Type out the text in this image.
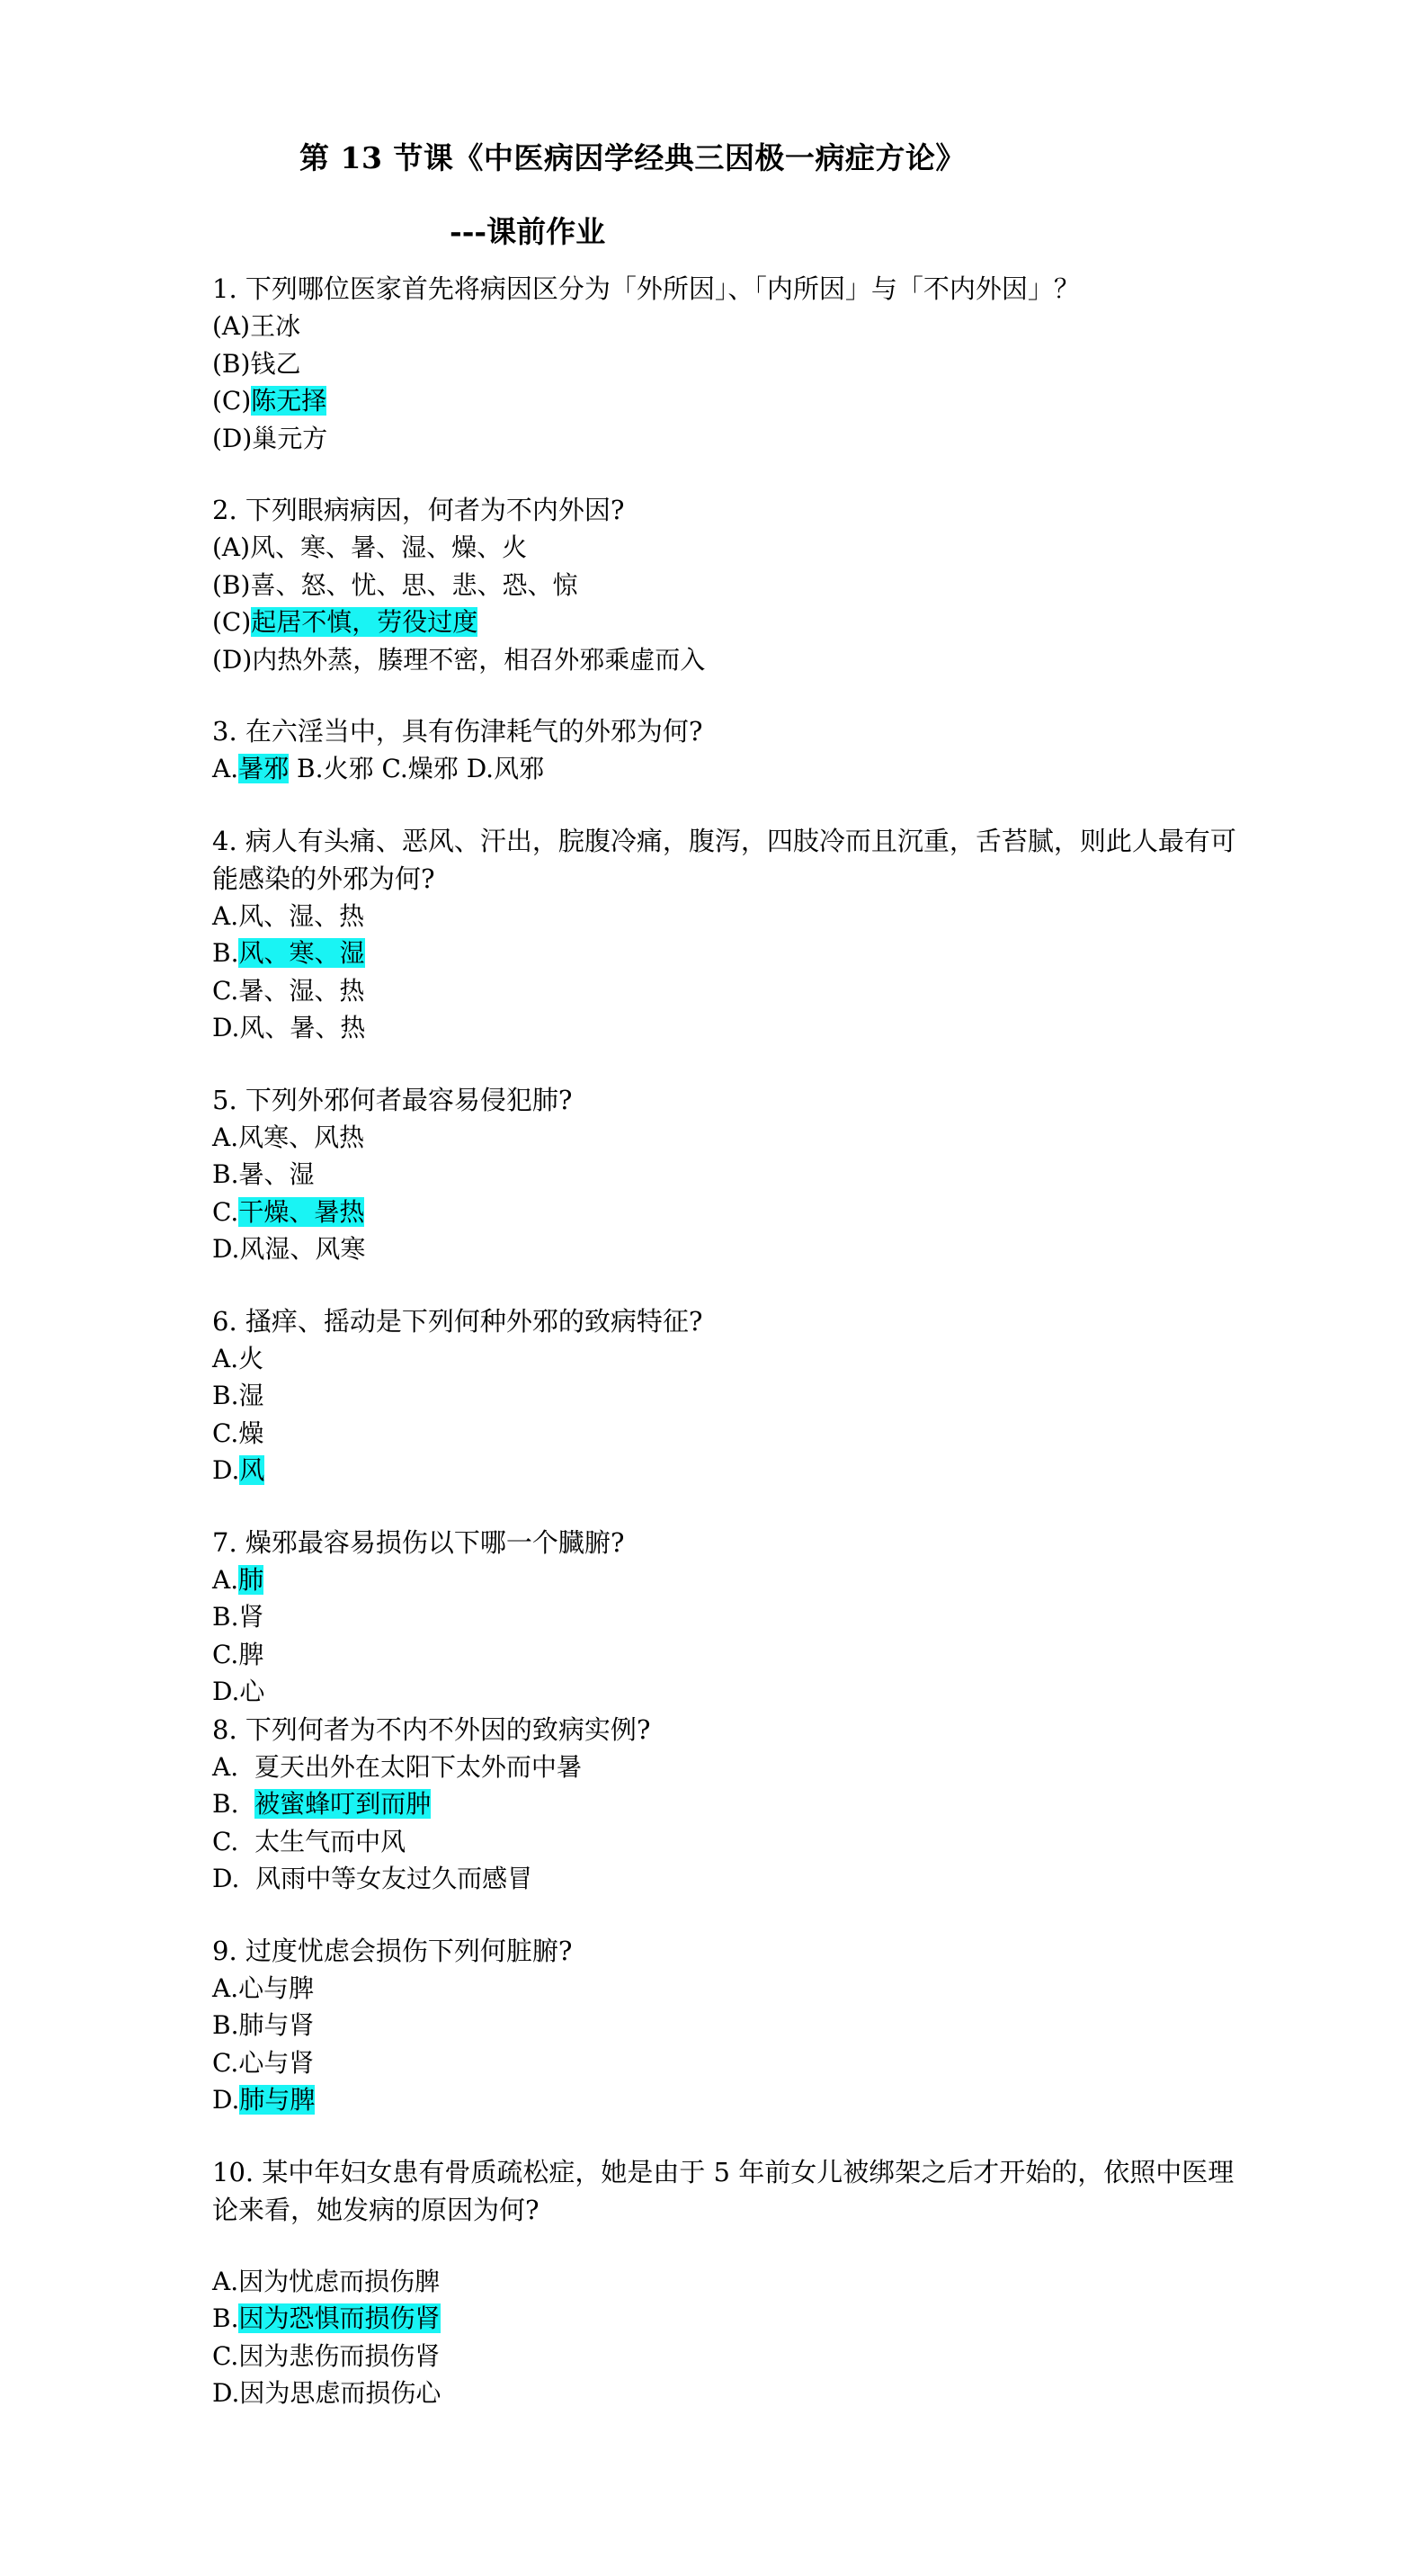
第 13 节课《中医病因学经典三因极一病症方论》
---课前作业

1. 下列哪位医家首先将病因区分为「外所因」、「内所因」与「不内外因」？

(A)王冰

(B)钱乙

(C)陈无择

(D)巢元方

2. 下列眼病病因，何者为不内外因?

(A)风、寒、暑、湿、燥、火

(B)喜、怒、忧、思、悲、恐、惊

(C)起居不慎，劳役过度

(D)内热外蒸，腠理不密，相召外邪乘虚而入

3. 在六淫当中，具有伤津耗气的外邪为何?

A.暑邪 B.火邪 C.燥邪 D.风邪

4. 病人有头痛、恶风、汗出，脘腹冷痛，腹泻，四肢冷而且沉重，舌苔腻，则此人最有可能感染的外邪为何?

A.风、湿、热

B.风、寒、湿

C.暑、湿、热

D.风、暑、热

5. 下列外邪何者最容易侵犯肺?

A.风寒、风热

B.暑、湿

C.干燥、暑热

D.风湿、风寒

6. 搔痒、摇动是下列何种外邪的致病特征?

A.火

B.湿

C.燥

D.风

7. 燥邪最容易损伤以下哪一个臓腑?

A.肺

B.肾

C.脾

D.心

8. 下列何者为不内不外因的致病实例?

A.  夏天出外在太阳下太外而中暑

B.  被蜜蜂叮到而肿

C.  太生气而中风

D.  风雨中等女友过久而感冒

9. 过度忧虑会损伤下列何脏腑?

A.心与脾

B.肺与肾

C.心与肾

D.肺与脾

10. 某中年妇女患有骨质疏松症，她是由于 5 年前女儿被绑架之后才开始的，依照中医理论来看，她发病的原因为何?

A.因为忧虑而损伤脾

B.因为恐惧而损伤肾

C.因为悲伤而损伤肾

D.因为思虑而损伤心
